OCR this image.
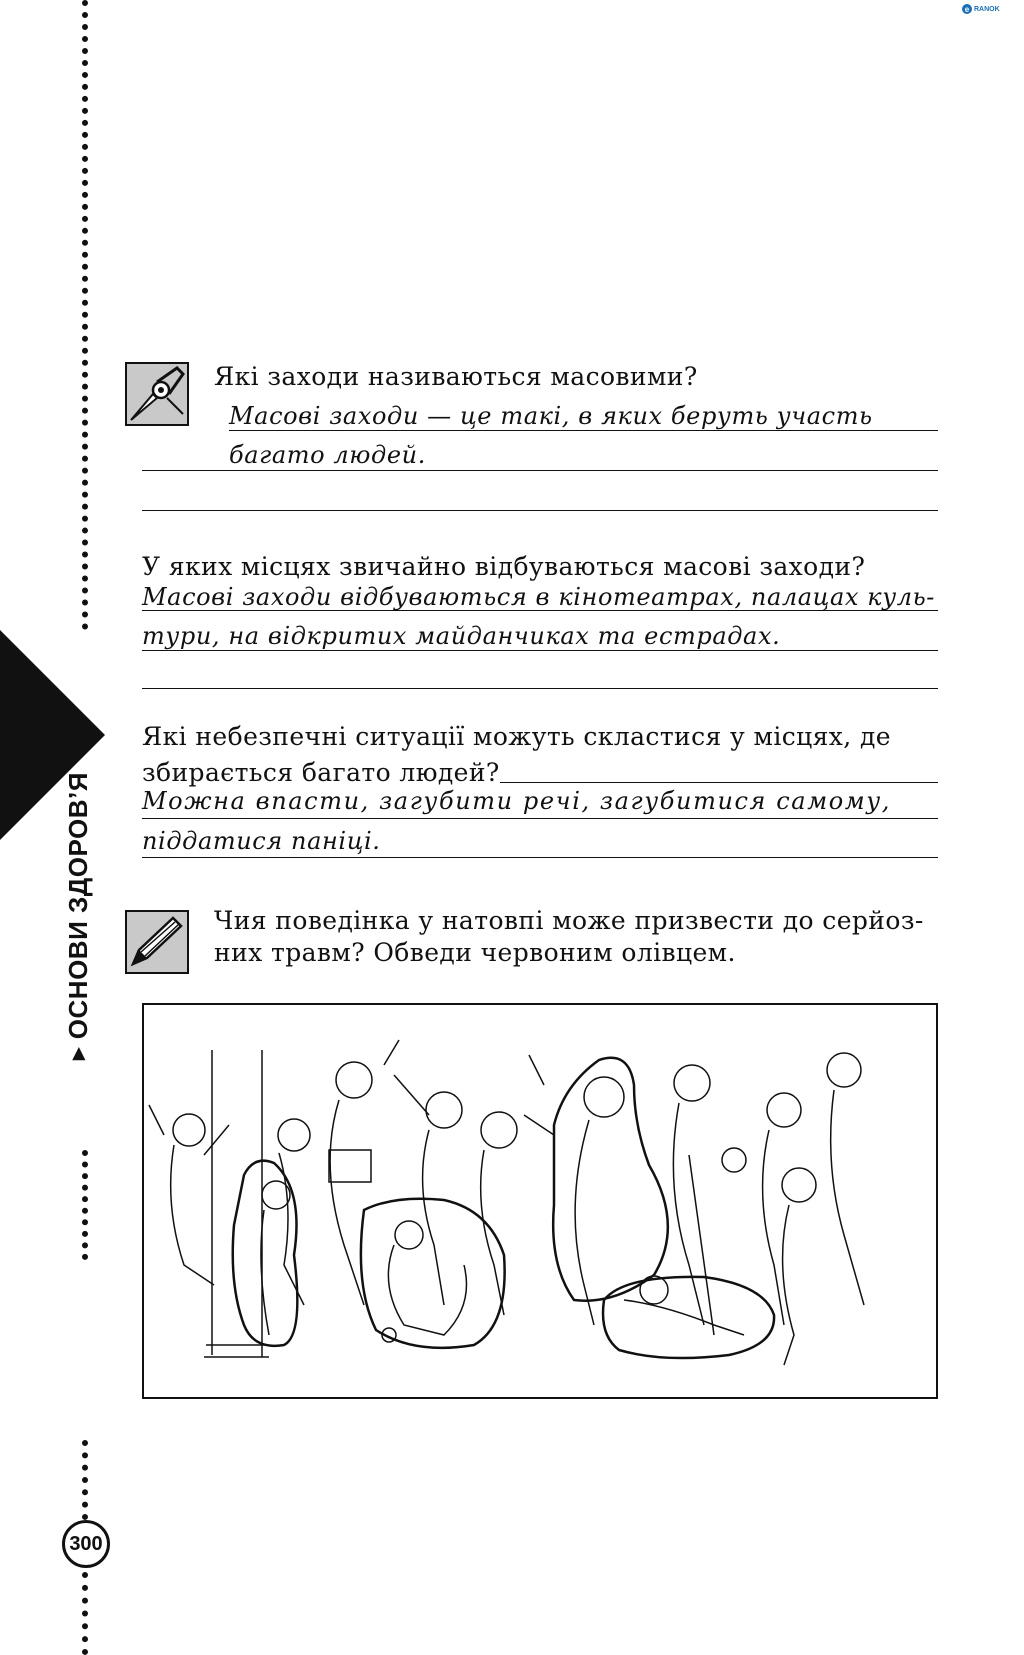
e RANOK
▶
ОСНОВИ ЗДОРОВ’Я
300
Які заходи називаються масовими?
Масові заходи — це такі, в яких беруть участь
багато людей.
У яких місцях звичайно відбуваються масові заходи?
Масові заходи відбуваються в кінотеатрах, палацах куль-
тури, на відкритих майданчиках та естрадах.
Які небезпечні ситуації можуть скластися у місцях, де
збирається багато людей?
Можна впасти, загубити речі, загубитися самому,
піддатися паніці.
Чия поведінка у натовпі може призвести до серйоз-
них травм? Обведи червоним олівцем.
